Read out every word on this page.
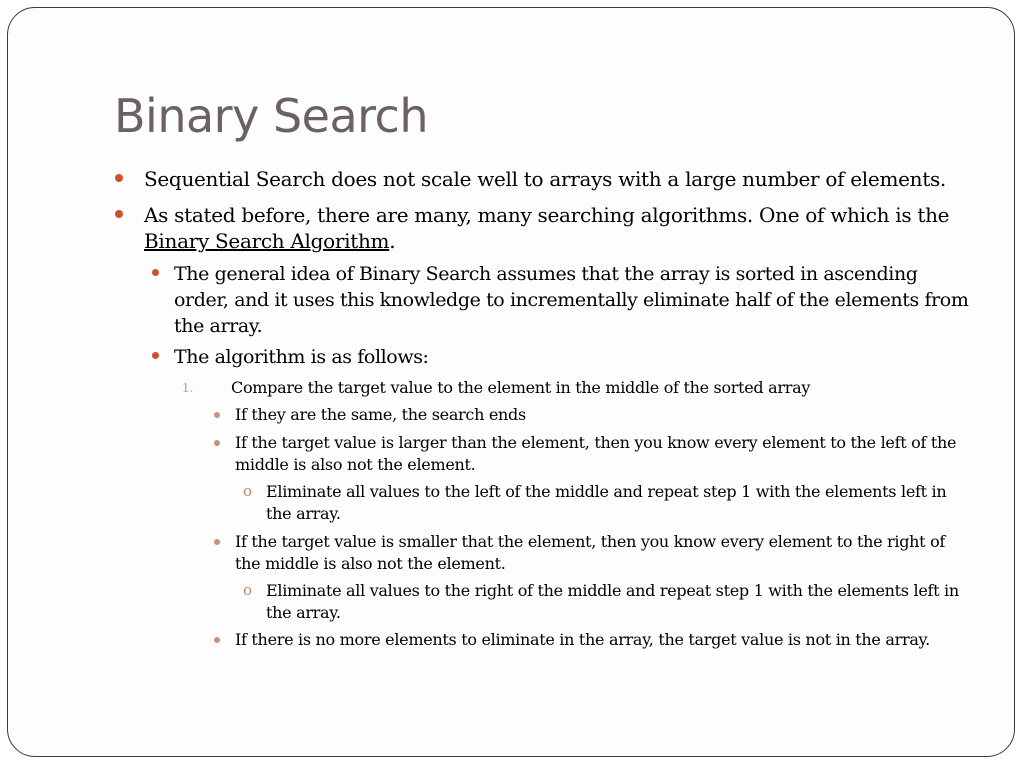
Binary Search

Sequential Search does not scale well to arrays with a large number of elements.

As stated before, there are many, many searching algorithms. One of which is the Binary Search Algorithm.

The general idea of Binary Search assumes that the array is sorted in ascending order, and it uses this knowledge to incrementally eliminate half of the elements from the array.

The algorithm is as follows:

1. Compare the target value to the element in the middle of the sorted array

If they are the same, the search ends

If the target value is larger than the element, then you know every element to the left of the middle is also not the element.

o Eliminate all values to the left of the middle and repeat step 1 with the elements left in the array.

If the target value is smaller that the element, then you know every element to the right of the middle is also not the element.

o Eliminate all values to the right of the middle and repeat step 1 with the elements left in the array.

If there is no more elements to eliminate in the array, the target value is not in the array.
